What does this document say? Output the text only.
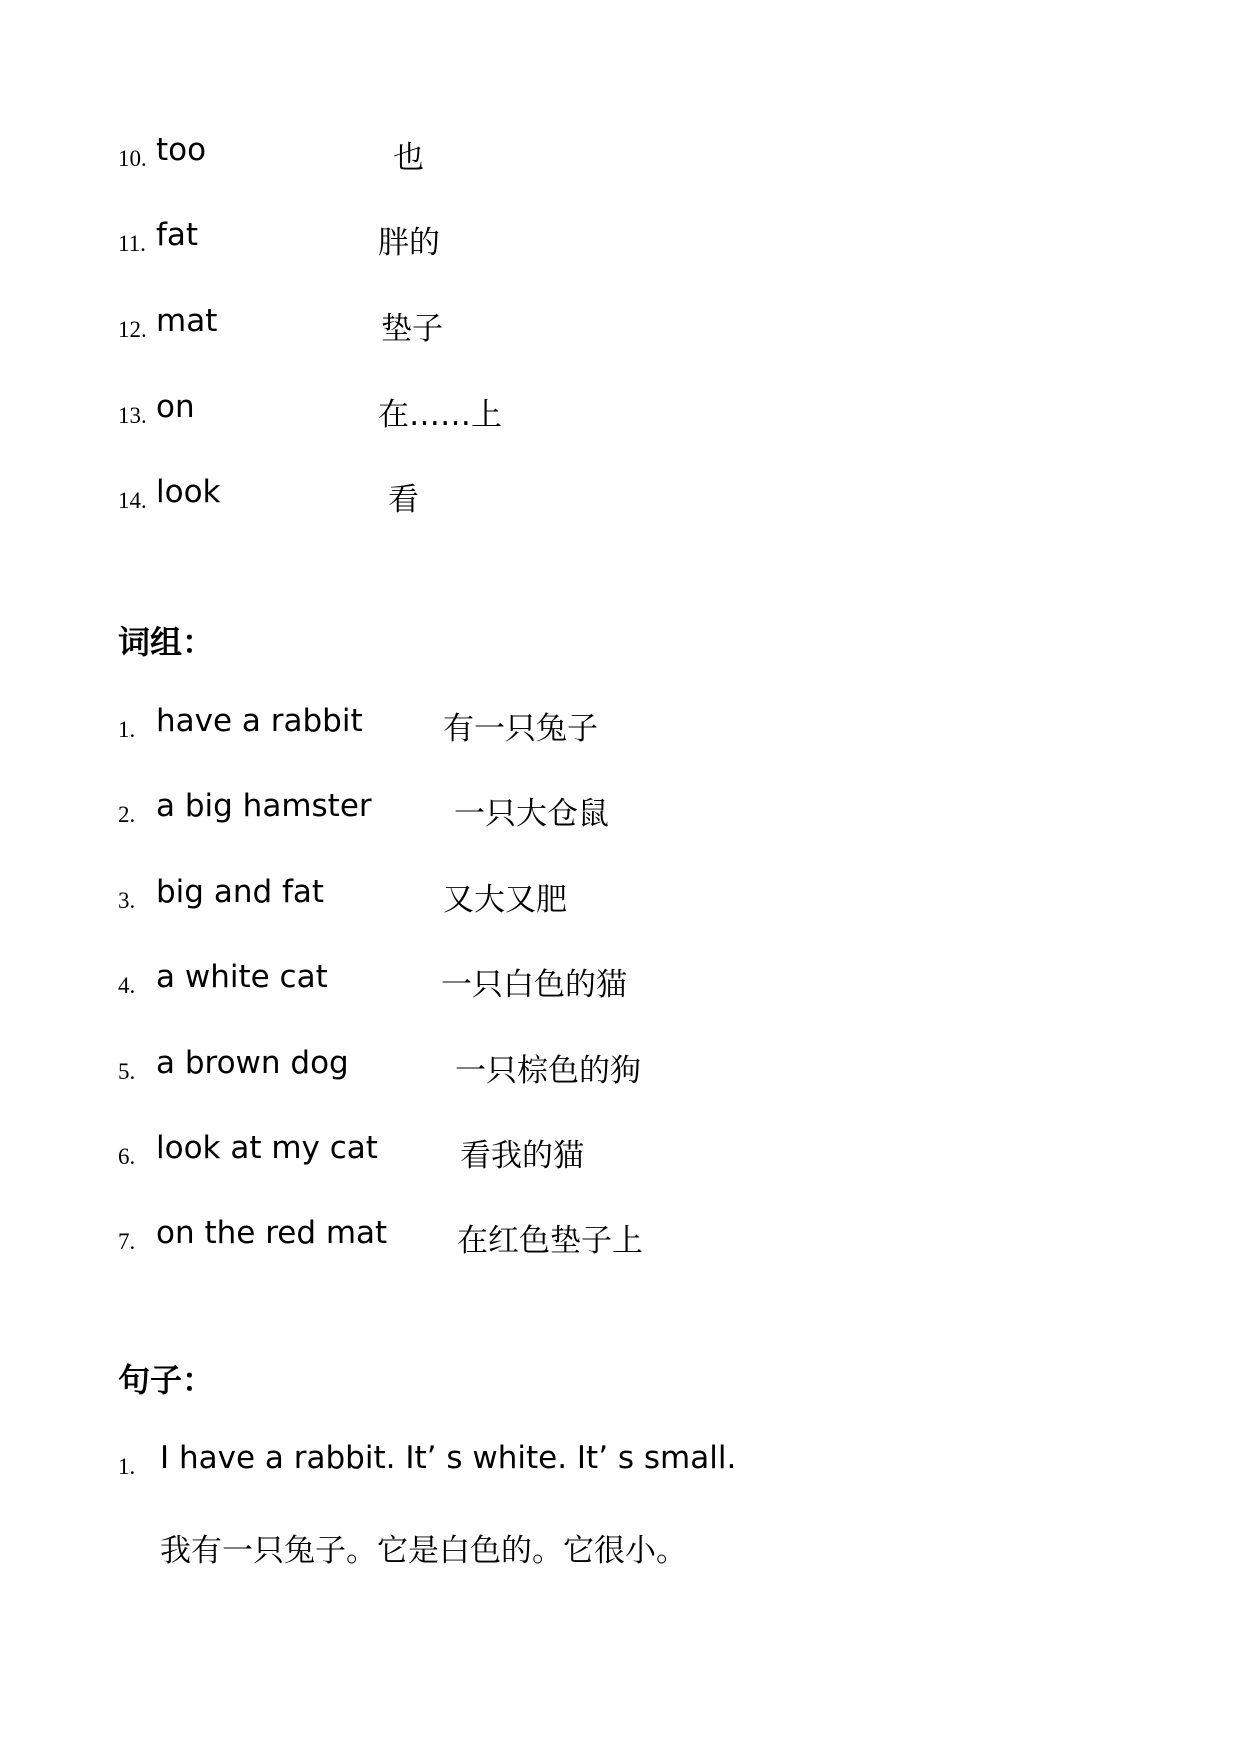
10. too	也
11. fat	胖的
12. mat	垫子
13. on	在……上
14. look	看
词组：
1. have a rabbit	有一只兔子
2. a big hamster	一只大仓鼠
3. big and fat	又大又肥
4. a white cat	一只白色的猫
5. a brown dog	一只棕色的狗
6. look at my cat	看我的猫
7. on the red mat 在红色垫子上
句子：
1. I have a rabbit. It’ s white. It’ s small.
我有一只兔子。它是白色的。它很小。
